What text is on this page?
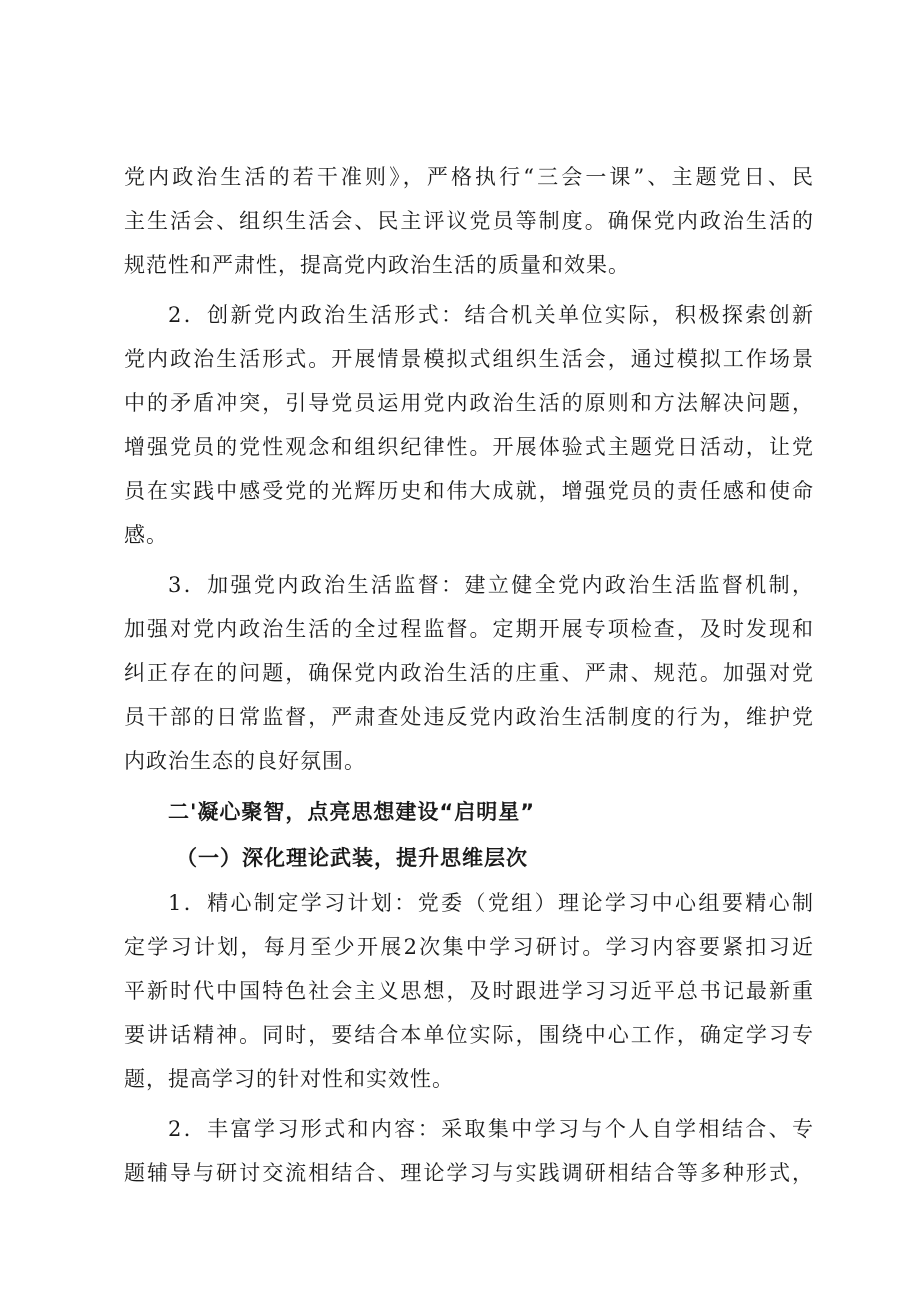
党内政治生活的若干准则》，严格执行“三会一课”、主题党日、民
主生活会、组织生活会、民主评议党员等制度。确保党内政治生活的
规范性和严肃性，提高党内政治生活的质量和效果。
2．创新党内政治生活形式：结合机关单位实际，积极探索创新
党内政治生活形式。开展情景模拟式组织生活会，通过模拟工作场景
中的矛盾冲突，引导党员运用党内政治生活的原则和方法解决问题，
增强党员的党性观念和组织纪律性。开展体验式主题党日活动，让党
员在实践中感受党的光辉历史和伟大成就，增强党员的责任感和使命
感。
3．加强党内政治生活监督：建立健全党内政治生活监督机制，
加强对党内政治生活的全过程监督。定期开展专项检查，及时发现和
纠正存在的问题，确保党内政治生活的庄重、严肃、规范。加强对党
员干部的日常监督，严肃查处违反党内政治生活制度的行为，维护党
内政治生态的良好氛围。
二'凝心聚智，点亮思想建设“启明星”
（一）深化理论武装，提升思维层次
1．精心制定学习计划：党委（党组）理论学习中心组要精心制
定学习计划，每月至少开展2次集中学习研讨。学习内容要紧扣习近
平新时代中国特色社会主义思想，及时跟进学习习近平总书记最新重
要讲话精神。同时，要结合本单位实际，围绕中心工作，确定学习专
题，提高学习的针对性和实效性。
2．丰富学习形式和内容：采取集中学习与个人自学相结合、专
题辅导与研讨交流相结合、理论学习与实践调研相结合等多种形式，
